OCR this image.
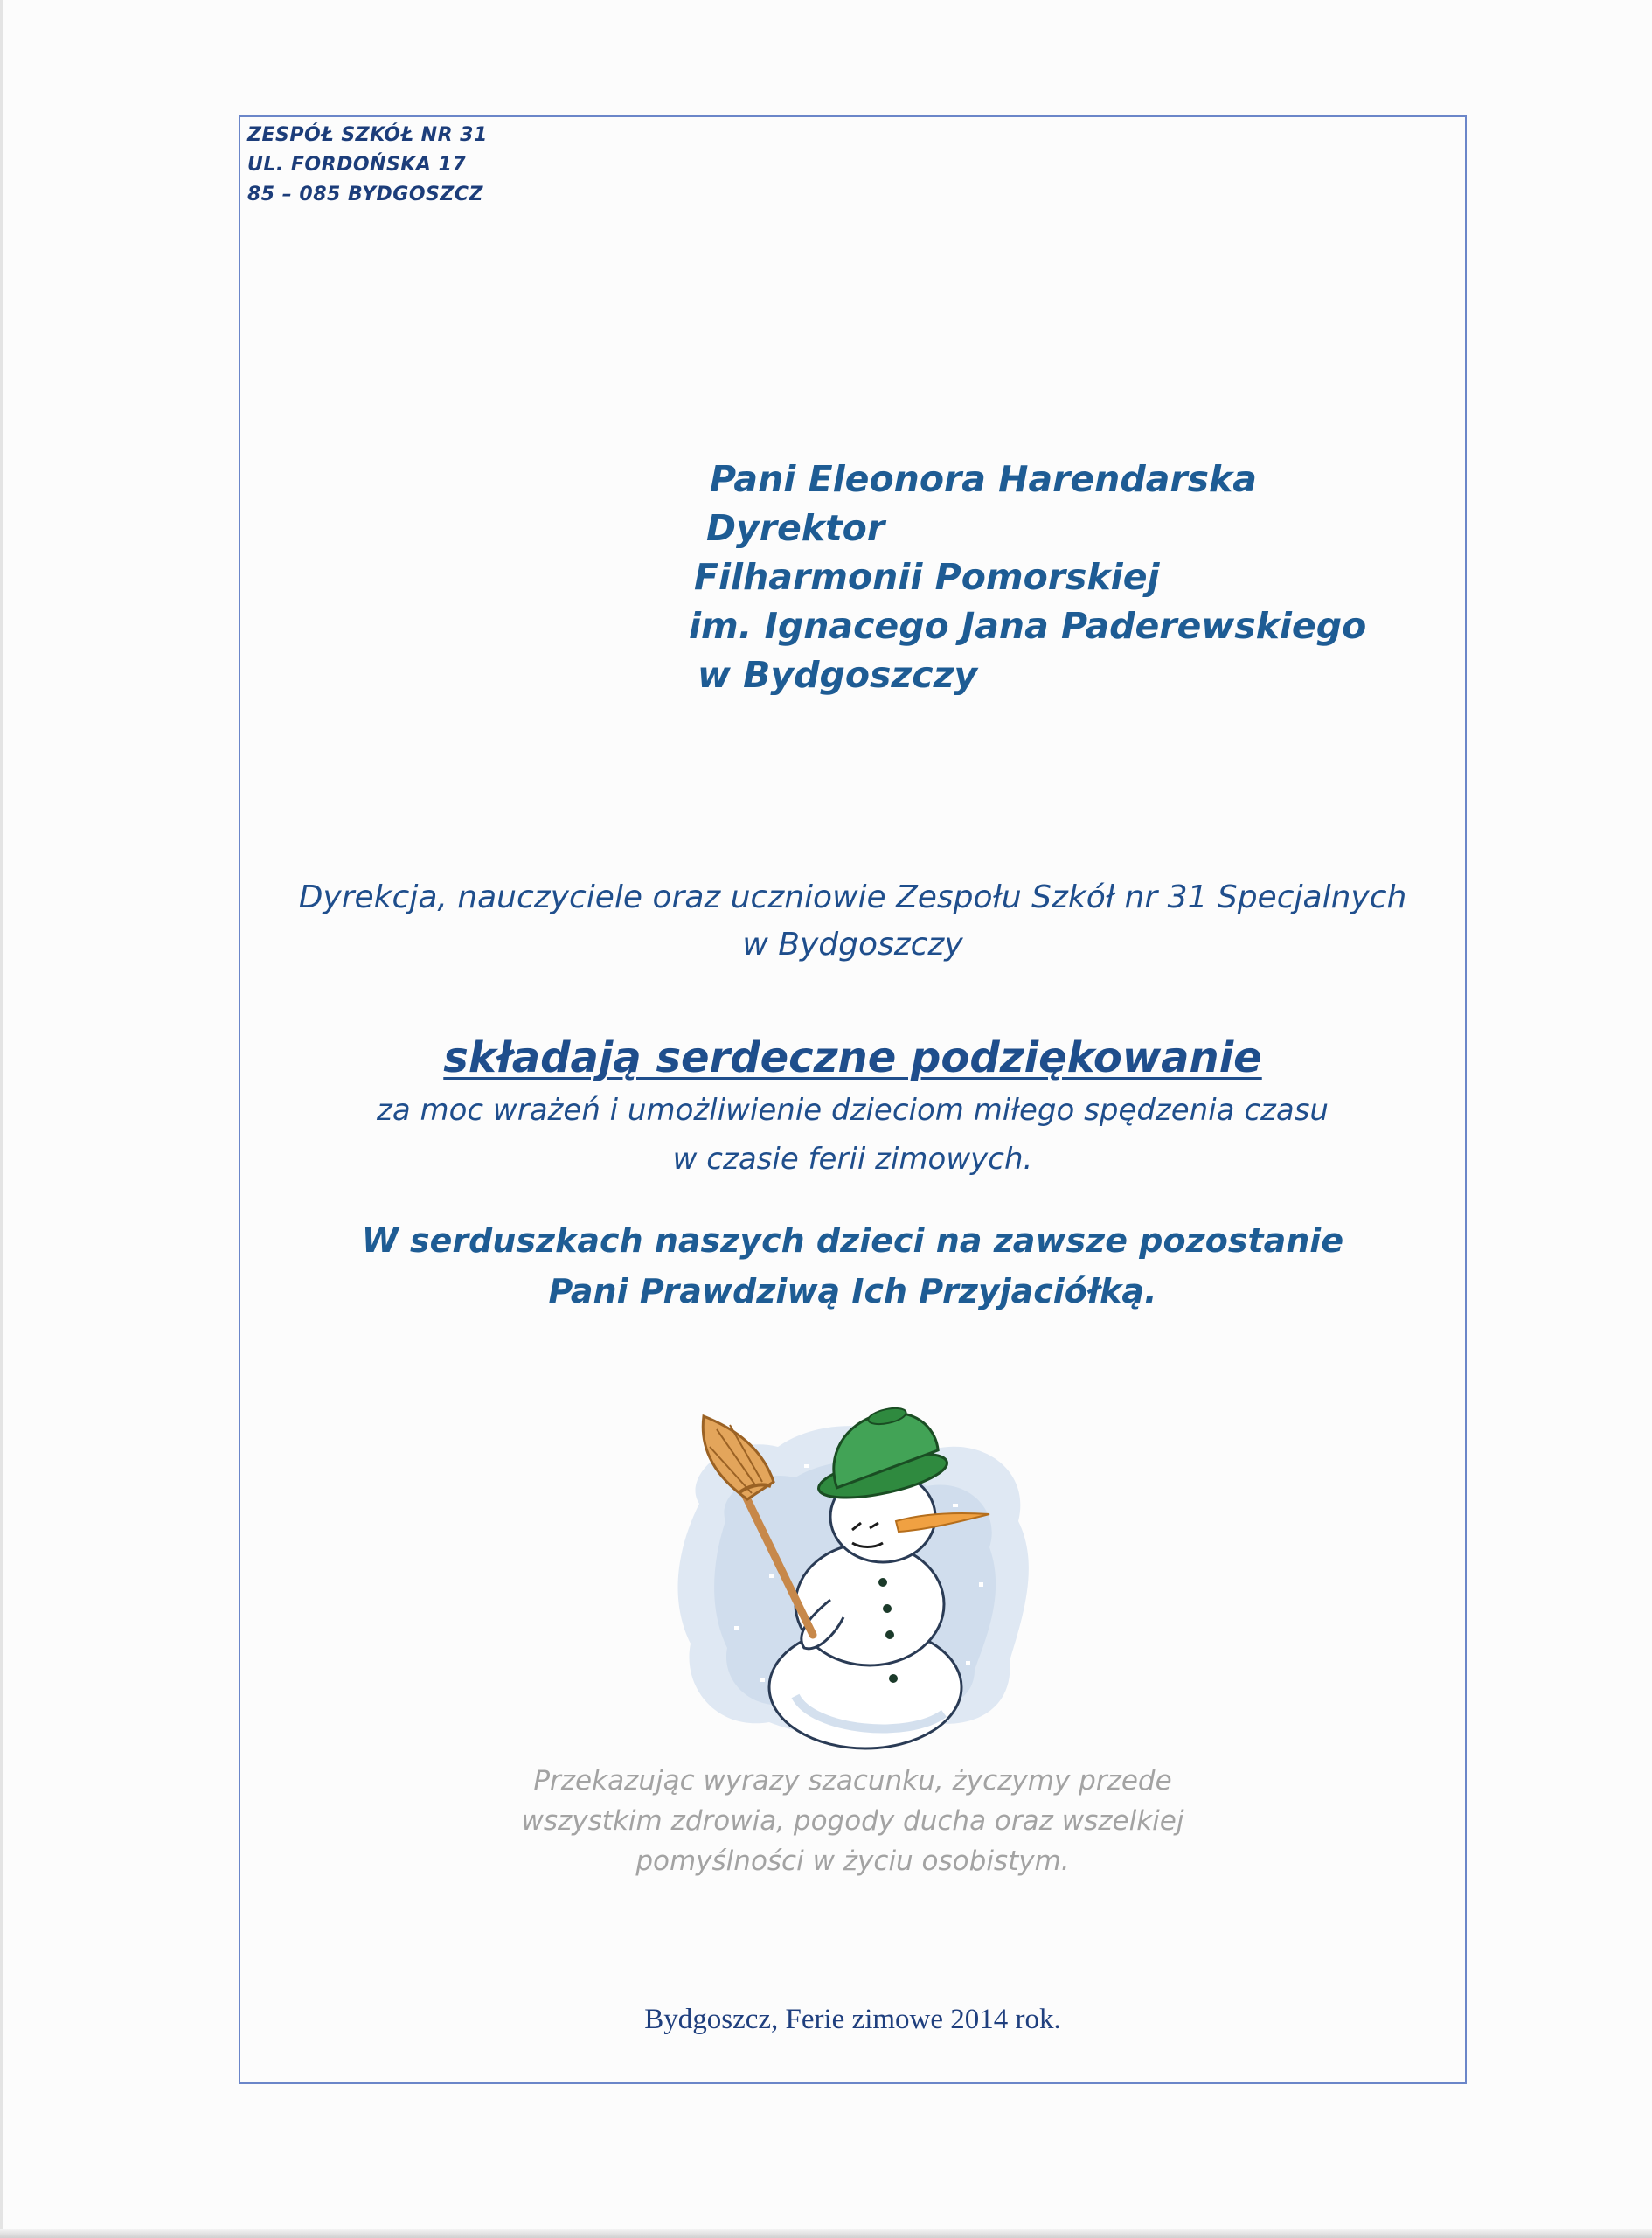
ZESPÓŁ SZKÓŁ NR 31
UL. FORDOŃSKA 17
85 – 085 BYDGOSZCZ
Pani Eleonora Harendarska
Dyrektor
Filharmonii Pomorskiej
im. Ignacego Jana Paderewskiego
w Bydgoszczy
Dyrekcja, nauczyciele oraz uczniowie Zespołu Szkół nr 31 Specjalnych
w Bydgoszczy
składają serdeczne podziękowanie
za moc wrażeń i umożliwienie dzieciom miłego spędzenia czasu
w czasie ferii zimowych.
W serduszkach naszych dzieci na zawsze pozostanie
Pani Prawdziwą Ich Przyjaciółką.
Przekazując wyrazy szacunku, życzymy przede
wszystkim zdrowia, pogody ducha oraz wszelkiej
pomyślności w życiu osobistym.
Bydgoszcz, Ferie zimowe 2014 rok.
